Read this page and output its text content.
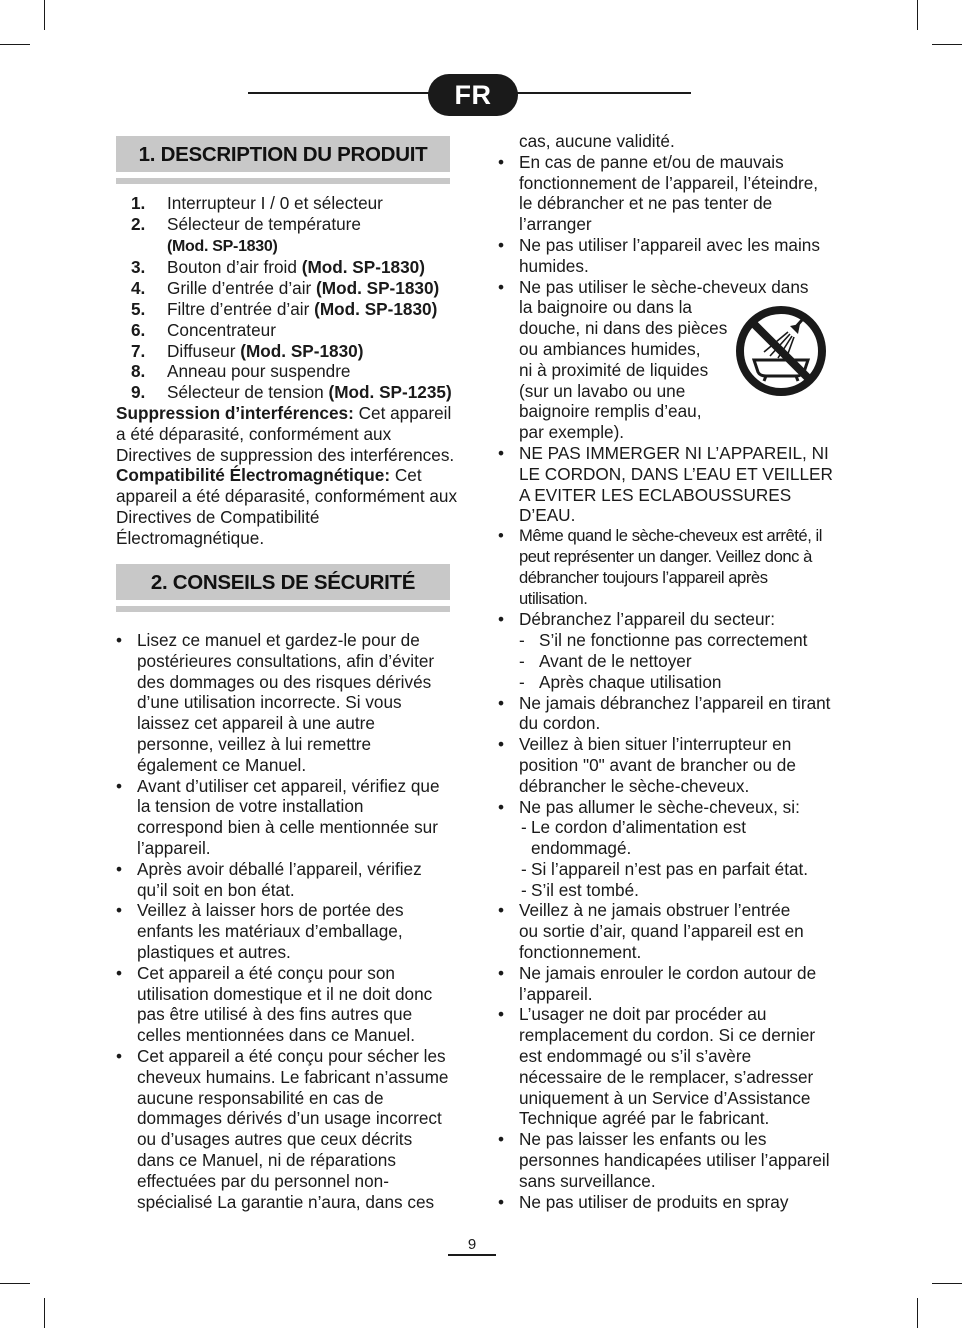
FR
1. DESCRIPTION DU PRODUIT
1. Interrupteur I / 0 et sélecteur
2. Sélecteur de température
(Mod. SP-1830)
3. Bouton d’air froid (Mod. SP-1830)
4. Grille d’entrée d’air (Mod. SP-1830)
5. Filtre d’entrée d’air (Mod. SP-1830)
6. Concentrateur
7. Diffuseur (Mod. SP-1830)
8. Anneau pour suspendre
9. Sélecteur de tension (Mod. SP-1235)

Suppression d’interférences: Cet appareil a été déparasité, conformément aux Directives de suppression des interférences.

Compatibilité Électromagnétique: Cet appareil a été déparasité, conformément aux Directives de Compatibilité Électromagnétique.

2. CONSEILS DE SÉCURITÉ
• Lisez ce manuel et gardez-le pour de postérieures consultations, afin d’éviter des dommages ou des risques dérivés d’une utilisation incorrecte. Si vous laissez cet appareil à une autre personne, veillez à lui remettre également ce Manuel.
• Avant d’utiliser cet appareil, vérifiez que la tension de votre installation correspond bien à celle mentionnée sur l’appareil.
• Après avoir déballé l’appareil, vérifiez qu’il soit en bon état.
• Veillez à laisser hors de portée des enfants les matériaux d’emballage, plastiques et autres.
• Cet appareil a été conçu pour son utilisation domestique et il ne doit donc pas être utilisé à des fins autres que celles mentionnées dans ce Manuel.
• Cet appareil a été conçu pour sécher les cheveux humains. Le fabricant n’assume aucune responsabilité en cas de dommages dérivés d’un usage incorrect ou d’usages autres que ceux décrits dans ce Manuel, ni de réparations effectuées par du personnel non-spécialisé La garantie n’aura, dans ces

cas, aucune validité.

• En cas de panne et/ou de mauvais fonctionnement de l’appareil, l’éteindre, le débrancher et ne pas tenter de l’arranger
• Ne pas utiliser l’appareil avec les mains humides.
• Ne pas utiliser le sèche-cheveux dans
la baignoire ou dans la
douche, ni dans des pièces
ou ambiances humides,
ni à proximité de liquides
(sur un lavabo ou une
baignoire remplis d’eau,
par exemple).
• NE PAS IMMERGER NI L’APPAREIL, NI LE CORDON, DANS L’EAU ET VEILLER A EVITER LES ECLABOUSSURES D’EAU.
• Même quand le sèche-cheveux est arrêté, il peut représenter un danger. Veillez donc à débrancher toujours l’appareil après utilisation.
• Débranchez l’appareil du secteur:
- S’il ne fonctionne pas correctement
- Avant de le nettoyer
- Après chaque utilisation
• Ne jamais débranchez l’appareil en tirant du cordon.
• Veillez à bien situer l’interrupteur en position "0" avant de brancher ou de débrancher le sèche-cheveux.
• Ne pas allumer le sèche-cheveux, si:
- Le cordon d’alimentation est endommagé.
- Si l’appareil n’est pas en parfait état.
- S’il est tombé.
• Veillez à ne jamais obstruer l’entrée ou sortie d’air, quand l’appareil est en fonctionnement.
• Ne jamais enrouler le cordon autour de l’appareil.
• L’usager ne doit par procéder au remplacement du cordon. Si ce dernier est endommagé ou s’il s’avère nécessaire de le remplacer, s’adresser uniquement à un Service d’Assistance Technique agréé par le fabricant.
• Ne pas laisser les enfants ou les personnes handicapées utiliser l’appareil sans surveillance.
• Ne pas utiliser de produits en spray
9
